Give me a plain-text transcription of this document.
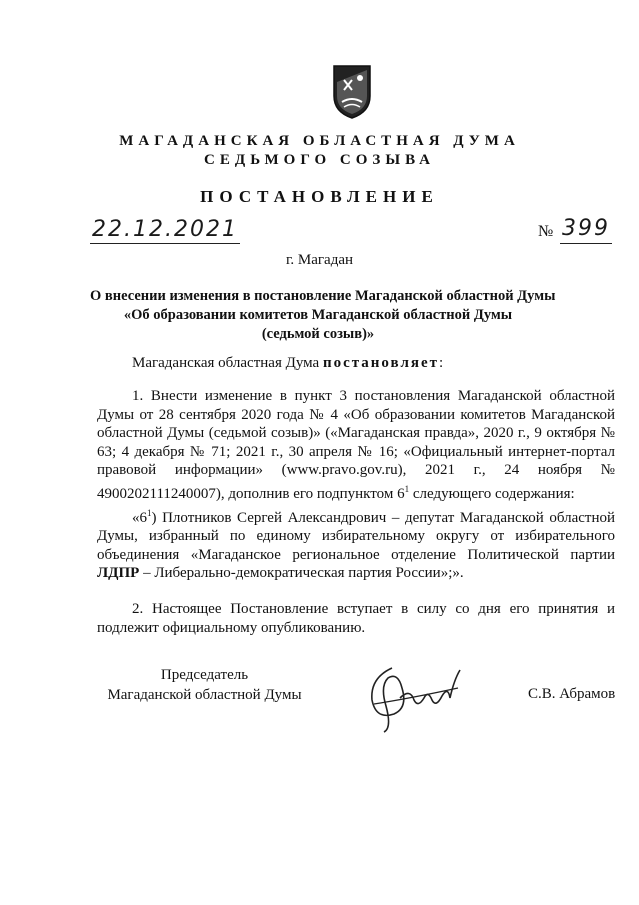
МАГАДАНСКАЯ ОБЛАСТНАЯ ДУМА
СЕДЬМОГО СОЗЫВА
ПОСТАНОВЛЕНИЕ
22.12.2021	№ 399
г. Магадан
О внесении изменения в постановление Магаданской областной Думы
«Об образовании комитетов Магаданской областной Думы
(седьмой созыв)»
Магаданская областная Дума постановляет:

1. Внести изменение в пункт 3 постановления Магаданской областной Думы от 28 сентября 2020 года № 4 «Об образовании комитетов Магаданской областной Думы (седьмой созыв)» («Магаданская правда», 2020 г., 9 октября № 63; 4 декабря № 71; 2021 г., 30 апреля № 16; «Официальный интернет-портал правовой информации» (www.pravo.gov.ru), 2021 г., 24 ноября № 4900202111240007), дополнив его подпунктом $6^1$ следующего содержания:

«$6^1$) Плотников Сергей Александрович – депутат Магаданской областной Думы, избранный по единому избирательному округу от избирательного объединения «Магаданское региональное отделение Политической партии ЛДПР – Либерально-демократическая партия России»;».

2. Настоящее Постановление вступает в силу со дня его принятия и подлежит официальному опубликованию.

Председатель
Магаданской областной Думы	С.В. Абрамов
